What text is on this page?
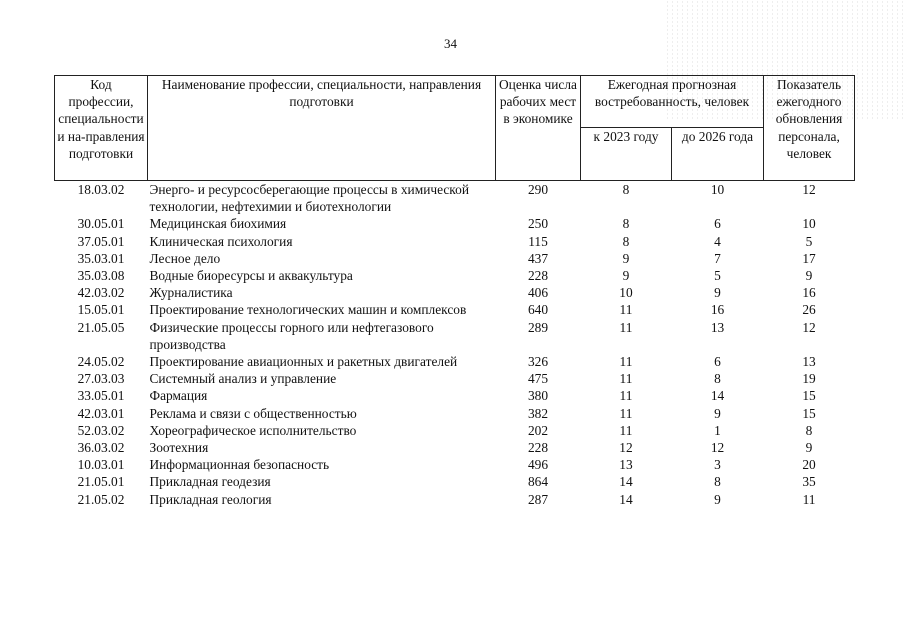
34
Код профессии, специальности и на-правления подготовки	Наименование профессии, специальности, направления подготовки	Оценка числа рабочих мест в экономике	Ежегодная прогнозная востребованность, человек		Показатель ежегодного обновления персонала, человек
			к 2023 году	до 2026 года	
18.03.02	Энерго- и ресурсосберегающие процессы в химической технологии, нефтехимии и биотехнологии	290	8	10	12
30.05.01	Медицинская биохимия	250	8	6	10
37.05.01	Клиническая психология	115	8	4	5
35.03.01	Лесное дело	437	9	7	17
35.03.08	Водные биоресурсы и аквакультура	228	9	5	9
42.03.02	Журналистика	406	10	9	16
15.05.01	Проектирование технологических машин и комплексов	640	11	16	26
21.05.05	Физические процессы горного или нефтегазового производства	289	11	13	12
24.05.02	Проектирование авиационных и ракетных двигателей	326	11	6	13
27.03.03	Системный анализ и управление	475	11	8	19
33.05.01	Фармация	380	11	14	15
42.03.01	Реклама и связи с общественностью	382	11	9	15
52.03.02	Хореографическое исполнительство	202	11	1	8
36.03.02	Зоотехния	228	12	12	9
10.03.01	Информационная безопасность	496	13	3	20
21.05.01	Прикладная геодезия	864	14	8	35
21.05.02	Прикладная геология	287	14	9	11
